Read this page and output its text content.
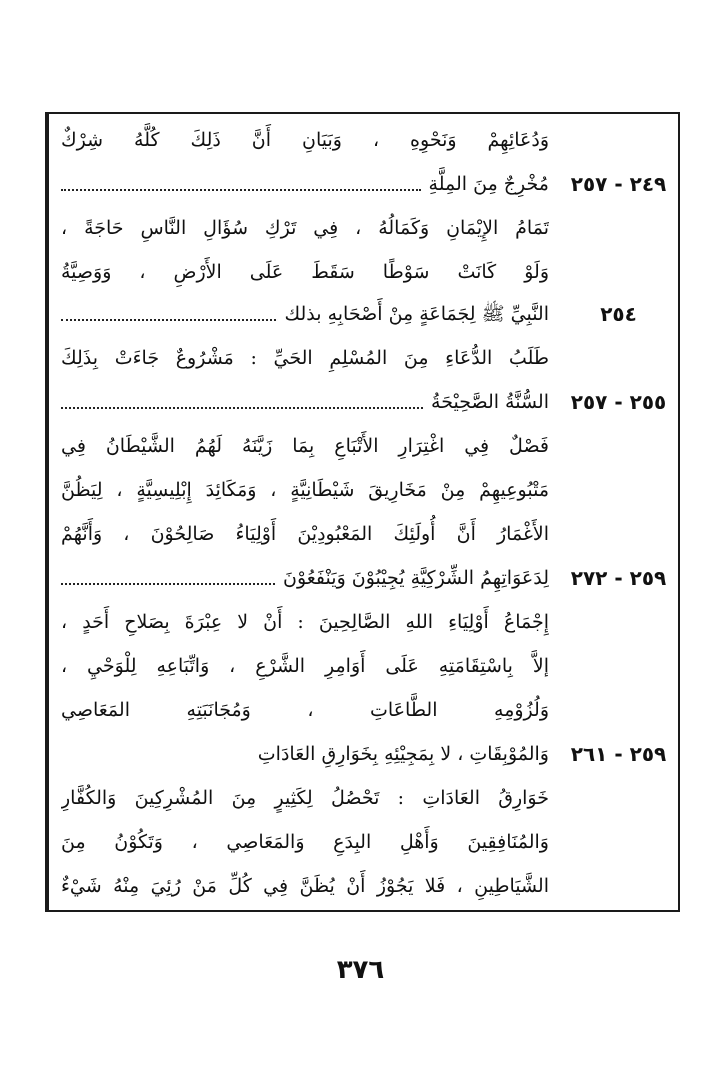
وَدُعَائِهِمْ وَنَحْوِهِ ، وَبَيَانِ أَنَّ ذَلِكَ كُلَّهُ شِرْكٌ
مُخْرِجٌ مِنَ المِلَّةِ
تَمَامُ الإِيْمَانِ وَكَمَالُهُ ، فِي تَرْكِ سُؤَالِ النَّاسِ حَاجَةً ،
وَلَوْ كَانَتْ سَوْطًا سَقَطَ عَلَى الأَرْضِ ، وَوَصِيَّةُ
النَّبِيِّ ﷺ لِجَمَاعَةٍ مِنْ أَصْحَابِهِ بذلك
طَلَبُ الدُّعَاءِ مِنَ المُسْلِمِ الحَيِّ : مَشْرُوعٌ جَاءَتْ بِذَلِكَ
السُّنَّةُ الصَّحِيْحَةُ
فَصْلٌ فِي اغْتِرَارِ الأَتْبَاعِ بِمَا زَيَّنَهُ لَهُمُ الشَّيْطَانُ فِي
مَتْبُوعِيهِمْ مِنْ مَخَارِيقَ شَيْطَانِيَّةٍ ، وَمَكَائِدَ إِبْلِيسِيَّةٍ ، لِيَظُنَّ
الأَغْمَارُ أَنَّ أُولَئِكَ المَعْبُودِيْنَ أَوْلِيَاءُ صَالِحُوْنَ ، وَأَنَّهُمْ
لِدَعَوَاتِهِمُ الشِّرْكِيَّةِ يُجِيْبُوْنَ وَيَنْفَعُوْنَ
إِجْمَاعُ أَوْلِيَاءِ اللهِ الصَّالِحِينَ : أَنْ لا عِبْرَةَ بِصَلاحِ أَحَدٍ ،
إلاَّ بِاسْتِقَامَتِهِ عَلَى أَوَامِرِ الشَّرْعِ ، وَاتِّبَاعِهِ لِلْوَحْيِ ،
وَلُزُوْمِهِ الطَّاعَاتِ ، وَمُجَانَبَتِهِ المَعَاصِي
وَالمُوْبِقَاتِ ، لا بِمَجِيْئِهِ بِخَوَارِقِ العَادَاتِ
خَوَارِقُ العَادَاتِ : تَحْصُلُ لِكَثِيرٍ مِنَ المُشْرِكِينَ وَالكُفَّارِ
وَالمُنَافِقِينَ وَأَهْلِ البِدَعِ وَالمَعَاصِي ، وَتَكُوْنُ مِنَ
الشَّيَاطِينِ ، فَلا يَجُوْزُ أَنْ يُظَنَّ فِي كُلِّ مَنْ رُئِيَ مِنْهُ شَيْءٌ
٢٤٩ - ٢٥٧
٢٥٤
٢٥٥ - ٢٥٧
٢٥٩ - ٢٧٢
٢٥٩ - ٢٦١
٣٧٦
